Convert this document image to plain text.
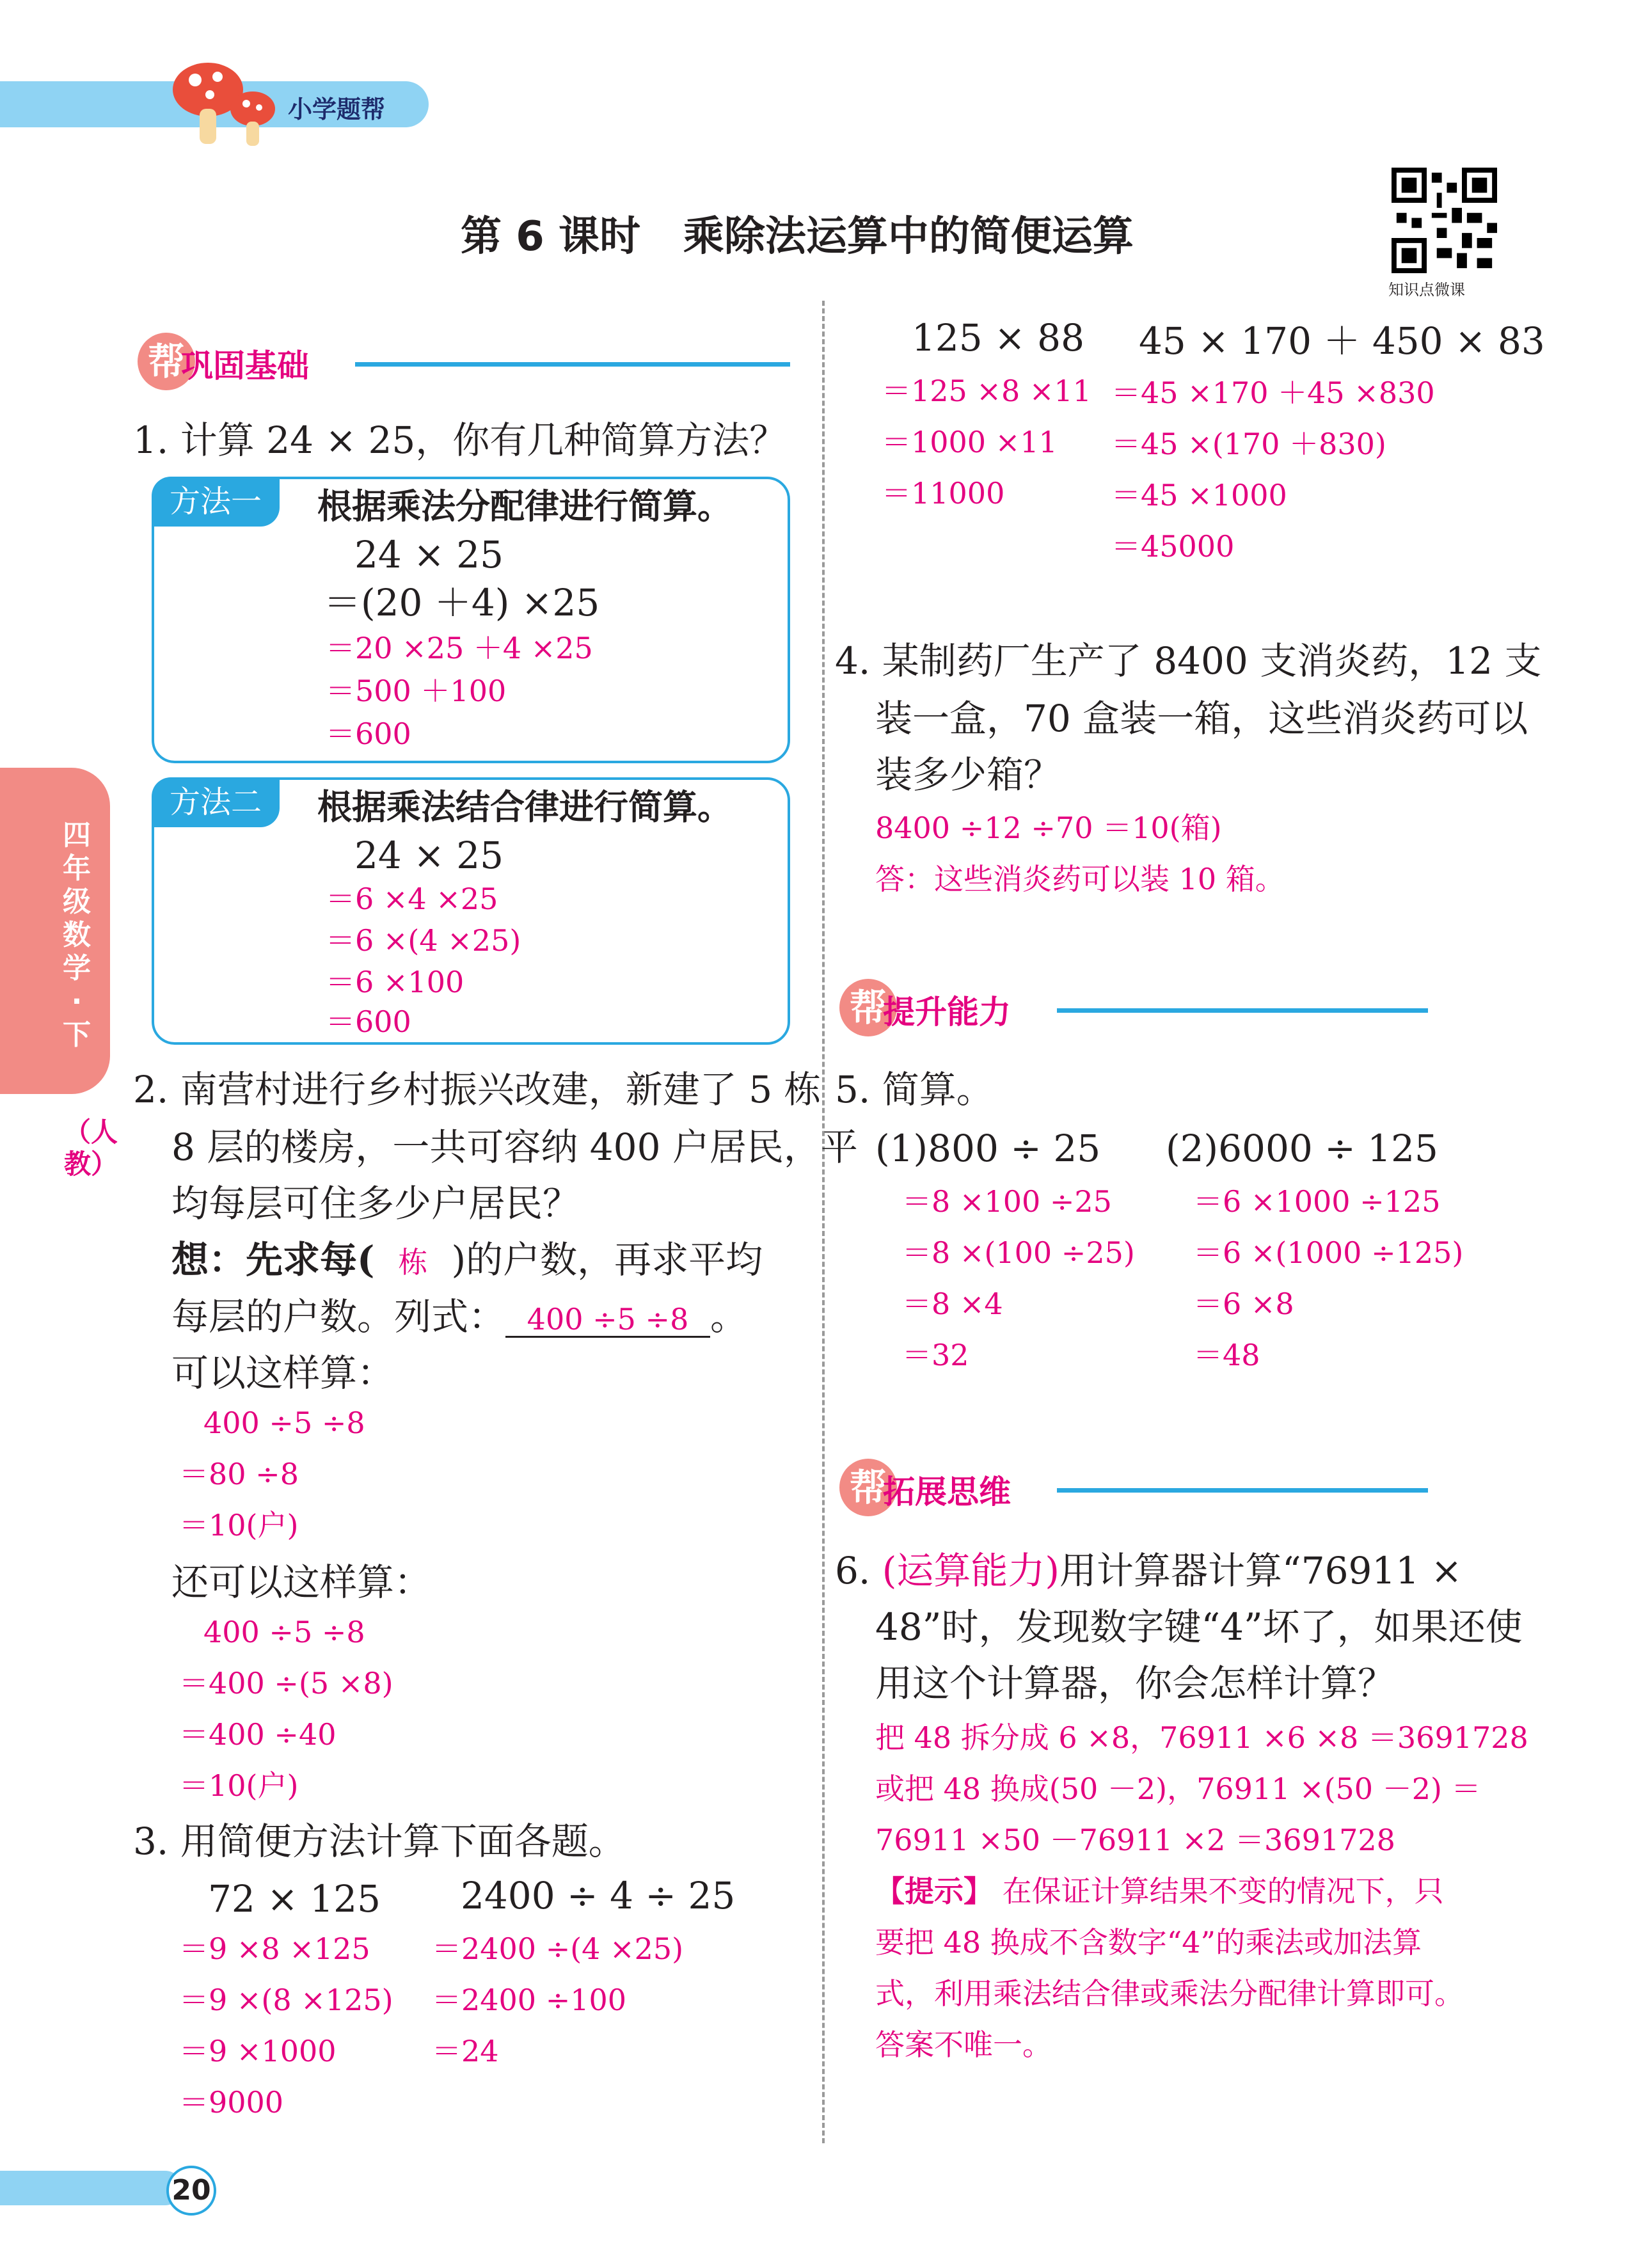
小学题帮
第 6 课时   乘除法运算中的简便运算
知识点微课
四年级数学·下
（人教）
帮
巩固基础
1. 计算 24 × 25，你有几种简算方法？
方法一	根据乘法分配律进行简算。
24 × 25
＝(20 ＋4) ×25
＝20 ×25 ＋4 ×25
＝500 ＋100
＝600
方法二	根据乘法结合律进行简算。
24 × 25
＝6 ×4 ×25
＝6 ×(4 ×25)
＝6 ×100
＝600
2. 南营村进行乡村振兴改建，新建了 5 栋
8 层的楼房，一共可容纳 400 户居民，平
均每层可住多少户居民？
想：先求每( 栋 )的户数，再求平均
每层的户数。列式： 400 ÷5 ÷8 。
可以这样算：
400 ÷5 ÷8
＝80 ÷8
＝10(户)
还可以这样算：
400 ÷5 ÷8
＝400 ÷(5 ×8)
＝400 ÷40
＝10(户)
3. 用简便方法计算下面各题。
72 × 125
＝9 ×8 ×125
＝9 ×(8 ×125)
＝9 ×1000
＝9000
2400 ÷ 4 ÷ 25
＝2400 ÷(4 ×25)
＝2400 ÷100
＝24
125 × 88
＝125 ×8 ×11
＝1000 ×11
＝11000
45 × 170 ＋ 450 × 83
＝45 ×170 ＋45 ×830
＝45 ×(170 ＋830)
＝45 ×1000
＝45000
4. 某制药厂生产了 8400 支消炎药，12 支
装一盒，70 盒装一箱，这些消炎药可以
装多少箱？
8400 ÷12 ÷70 ＝10(箱)
答：这些消炎药可以装 10 箱。
帮
提升能力
5. 简算。
(1)800 ÷ 25
＝8 ×100 ÷25
＝8 ×(100 ÷25)
＝8 ×4
＝32
(2)6000 ÷ 125
＝6 ×1000 ÷125
＝6 ×(1000 ÷125)
＝6 ×8
＝48
帮
拓展思维
6. (运算能力)用计算器计算“76911 ×
48”时，发现数字键“4”坏了，如果还使
用这个计算器，你会怎样计算？
把 48 拆分成 6 ×8，76911 ×6 ×8 ＝3691728
或把 48 换成(50 －2)，76911 ×(50 －2) ＝
76911 ×50 －76911 ×2 ＝3691728
【提示】 在保证计算结果不变的情况下，只
要把 48 换成不含数字“4”的乘法或加法算
式，利用乘法结合律或乘法分配律计算即可。
答案不唯一。
20
